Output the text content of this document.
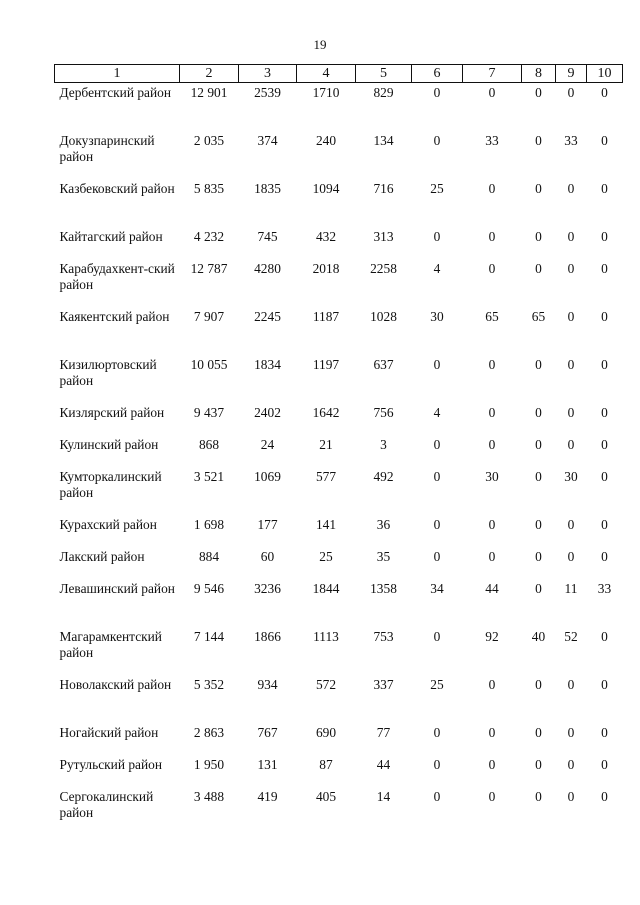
19
1	2	3	4	5	6	7	8	9	10
Дербентский район	12 901	2539	1710	829	0	0	0	0	0
Докузпаринский район	2 035	374	240	134	0	33	0	33	0
Казбековский район	5 835	1835	1094	716	25	0	0	0	0
Кайтагский район	4 232	745	432	313	0	0	0	0	0
Карабудахкент-ский район	12 787	4280	2018	2258	4	0	0	0	0
Каякентский район	7 907	2245	1187	1028	30	65	65	0	0
Кизилюртовский район	10 055	1834	1197	637	0	0	0	0	0
Кизлярский район	9 437	2402	1642	756	4	0	0	0	0
Кулинский район	868	24	21	3	0	0	0	0	0
Кумторкалинский район	3 521	1069	577	492	0	30	0	30	0
Курахский район	1 698	177	141	36	0	0	0	0	0
Лакский район	884	60	25	35	0	0	0	0	0
Левашинский район	9 546	3236	1844	1358	34	44	0	11	33
Магарамкентский район	7 144	1866	1113	753	0	92	40	52	0
Новолакский район	5 352	934	572	337	25	0	0	0	0
Ногайский район	2 863	767	690	77	0	0	0	0	0
Рутульский район	1 950	131	87	44	0	0	0	0	0
Сергокалинский район	3 488	419	405	14	0	0	0	0	0
